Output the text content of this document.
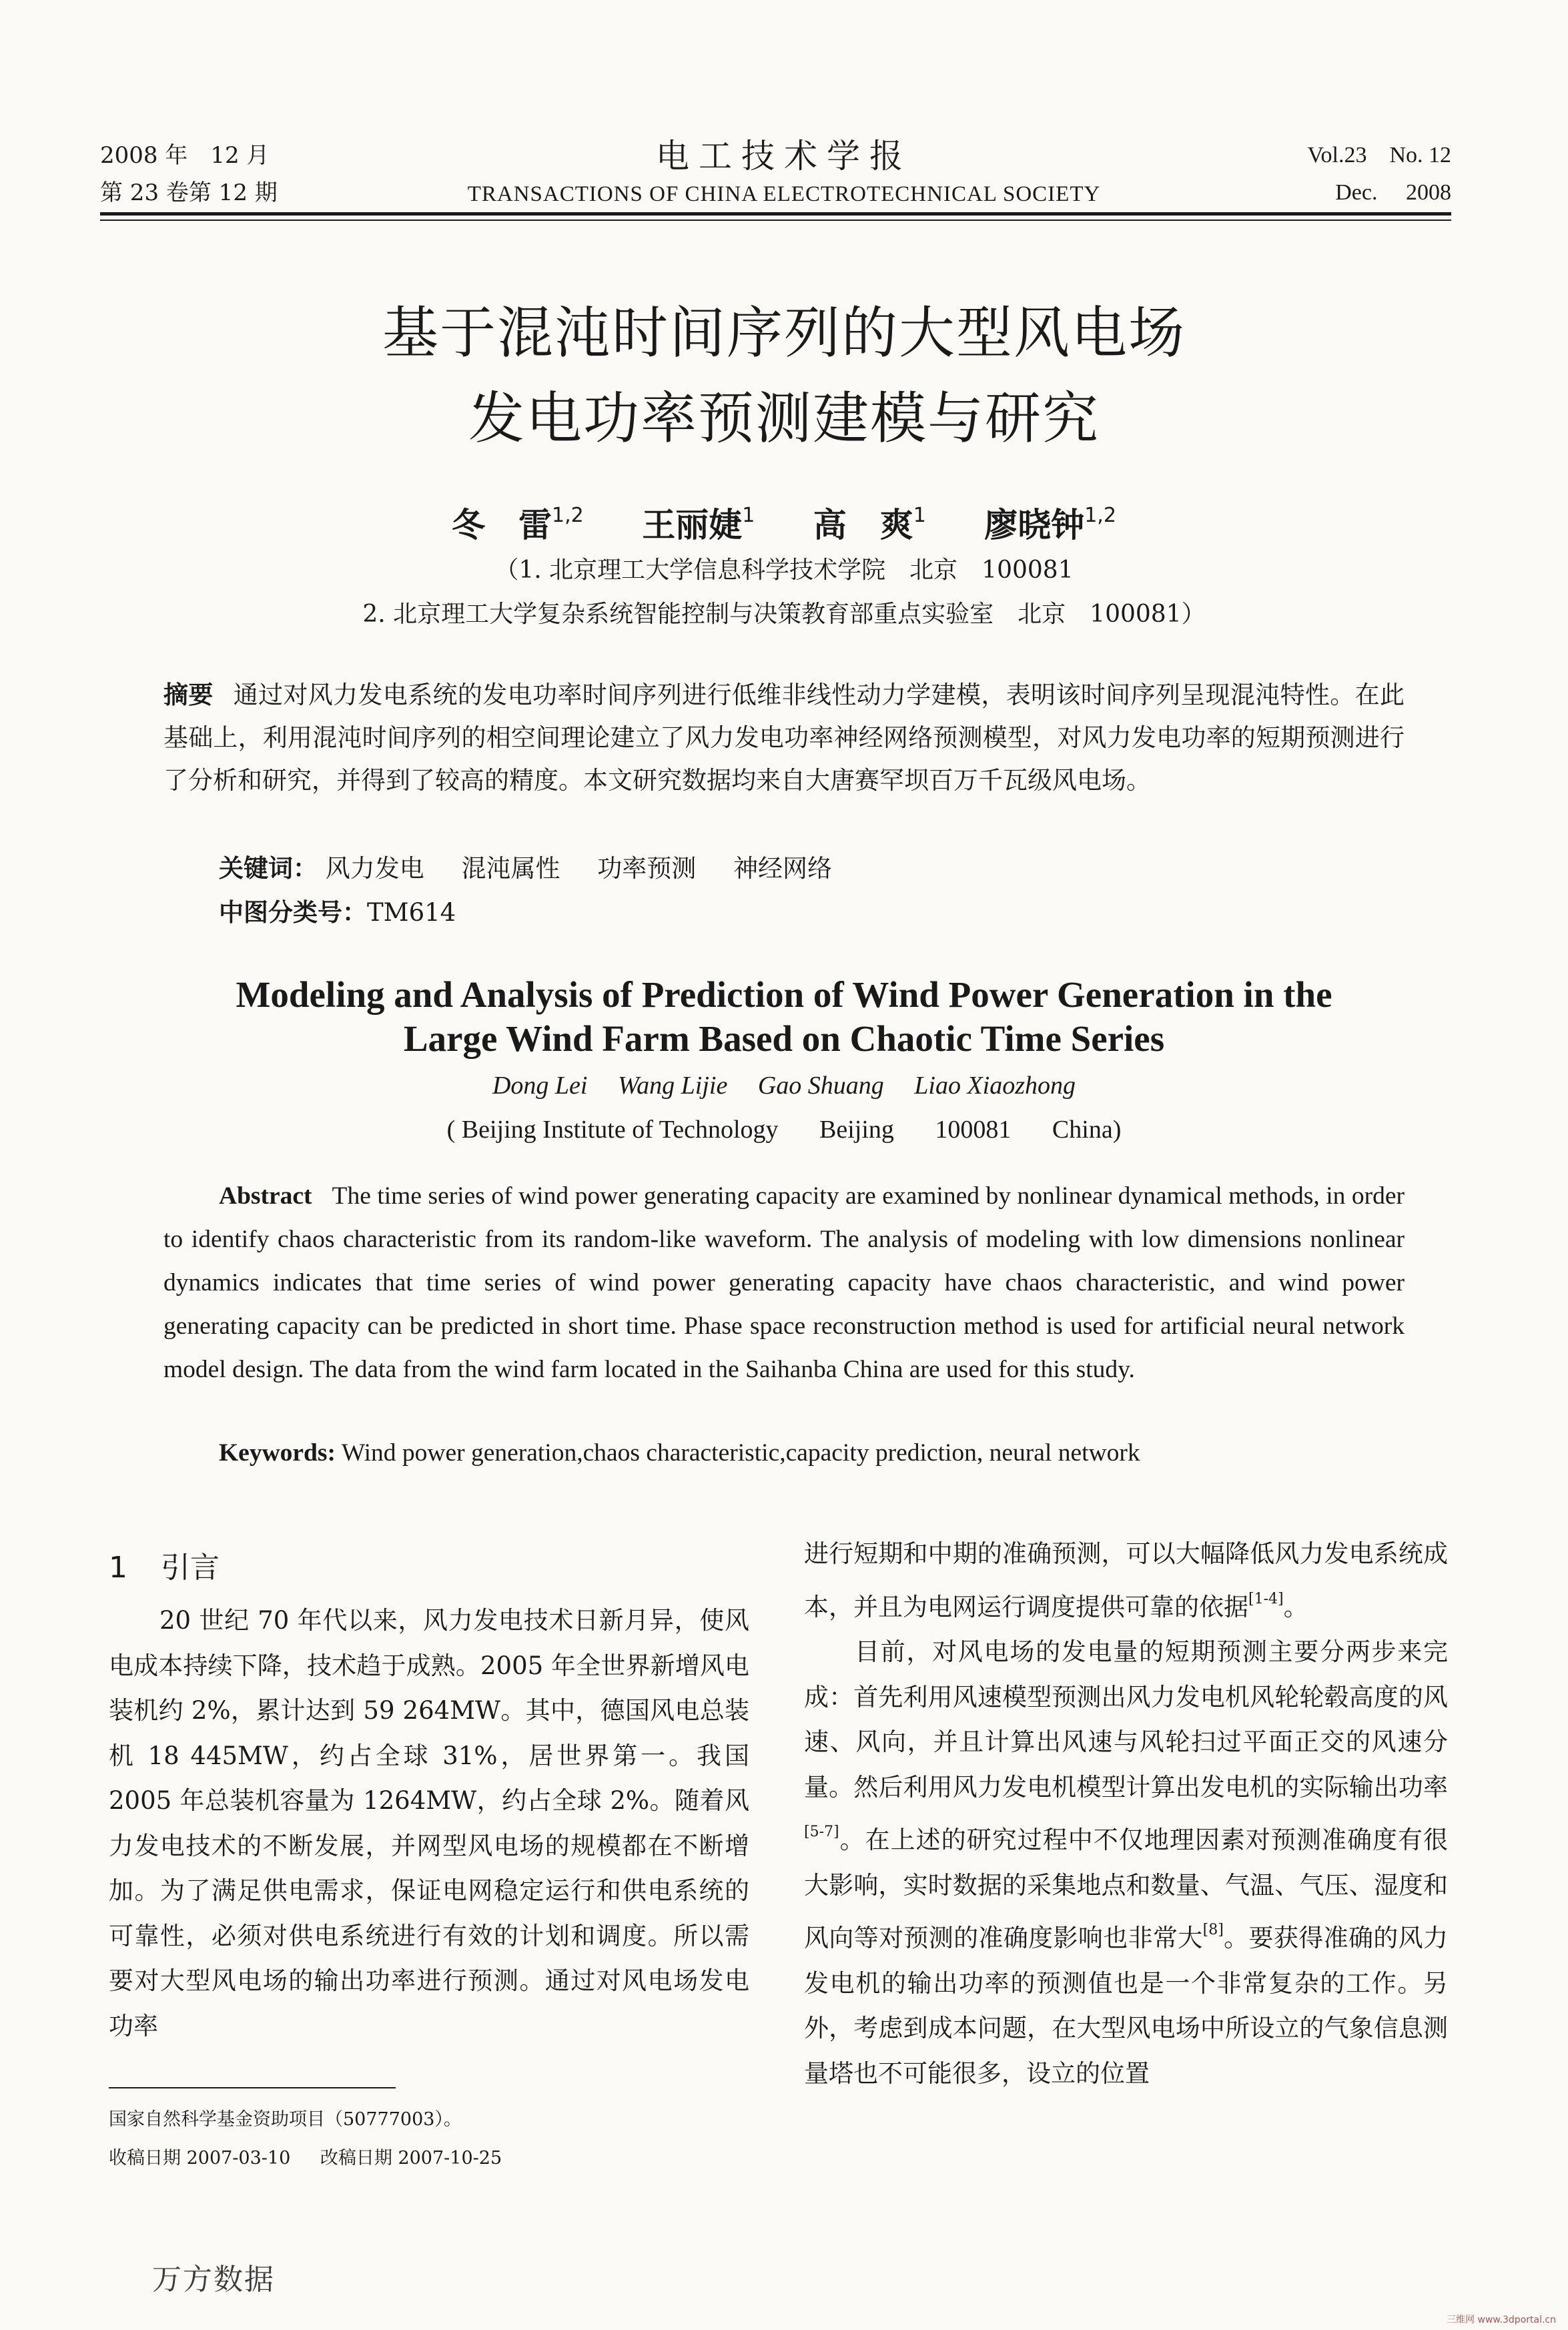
2008 年　12 月
第 23 卷第 12 期
电工技术学报
TRANSACTIONS OF CHINA ELECTROTECHNICAL SOCIETY
Vol.23　No. 12
Dec.　 2008
基于混沌时间序列的大型风电场
发电功率预测建模与研究
冬　雷$^{1,2}$ 王丽婕$^1$ 高　爽$^1$ 廖晓钟$^{1,2}$
（1. 北京理工大学信息科学技术学院　北京　100081
2. 北京理工大学复杂系统智能控制与决策教育部重点实验室　北京　100081）
摘要 通过对风力发电系统的发电功率时间序列进行低维非线性动力学建模，表明该时间序列呈现混沌特性。在此基础上，利用混沌时间序列的相空间理论建立了风力发电功率神经网络预测模型，对风力发电功率的短期预测进行了分析和研究，并得到了较高的精度。本文研究数据均来自大唐赛罕坝百万千瓦级风电场。
关键词： 风力发电 混沌属性 功率预测 神经网络
中图分类号：TM614
Modeling and Analysis of Prediction of Wind Power Generation in the
Large Wind Farm Based on Chaotic Time Series
Dong Lei Wang Lijie Gao Shuang Liao Xiaozhong
( Beijing Institute of Technology Beijing 100081 China)
Abstract The time series of wind power generating capacity are examined by nonlinear dynamical methods, in order to identify chaos characteristic from its random-like waveform. The analysis of modeling with low dimensions nonlinear dynamics indicates that time series of wind power generating capacity have chaos characteristic, and wind power generating capacity can be predicted in short time. Phase space reconstruction method is used for artificial neural network model design. The data from the wind farm located in the Saihanba China are used for this study.
Keywords: Wind power generation,chaos characteristic,capacity prediction, neural network
1 引言

20 世纪 70 年代以来，风力发电技术日新月异，使风电成本持续下降，技术趋于成熟。2005 年全世界新增风电装机约 2%，累计达到 59 264MW。其中，德国风电总装机 18 445MW，约占全球 31%，居世界第一。我国 2005 年总装机容量为 1264MW，约占全球 2%。随着风力发电技术的不断发展，并网型风电场的规模都在不断增加。为了满足供电需求，保证电网稳定运行和供电系统的可靠性，必须对供电系统进行有效的计划和调度。所以需要对大型风电场的输出功率进行预测。通过对风电场发电功率

进行短期和中期的准确预测，可以大幅降低风力发电系统成本，并且为电网运行调度提供可靠的依据[1-4]。

目前，对风电场的发电量的短期预测主要分两步来完成：首先利用风速模型预测出风力发电机风轮轮毂高度的风速、风向，并且计算出风速与风轮扫过平面正交的风速分量。然后利用风力发电机模型计算出发电机的实际输出功率[5-7]。在上述的研究过程中不仅地理因素对预测准确度有很大影响，实时数据的采集地点和数量、气温、气压、湿度和风向等对预测的准确度影响也非常大[8]。要获得准确的风力发电机的输出功率的预测值也是一个非常复杂的工作。另外，考虑到成本问题，在大型风电场中所设立的气象信息测量塔也不可能很多，设立的位置

国家自然科学基金资助项目（50777003）。
收稿日期 2007-03-10 改稿日期 2007-10-25
万方数据
三维网 www.3dportal.cn
